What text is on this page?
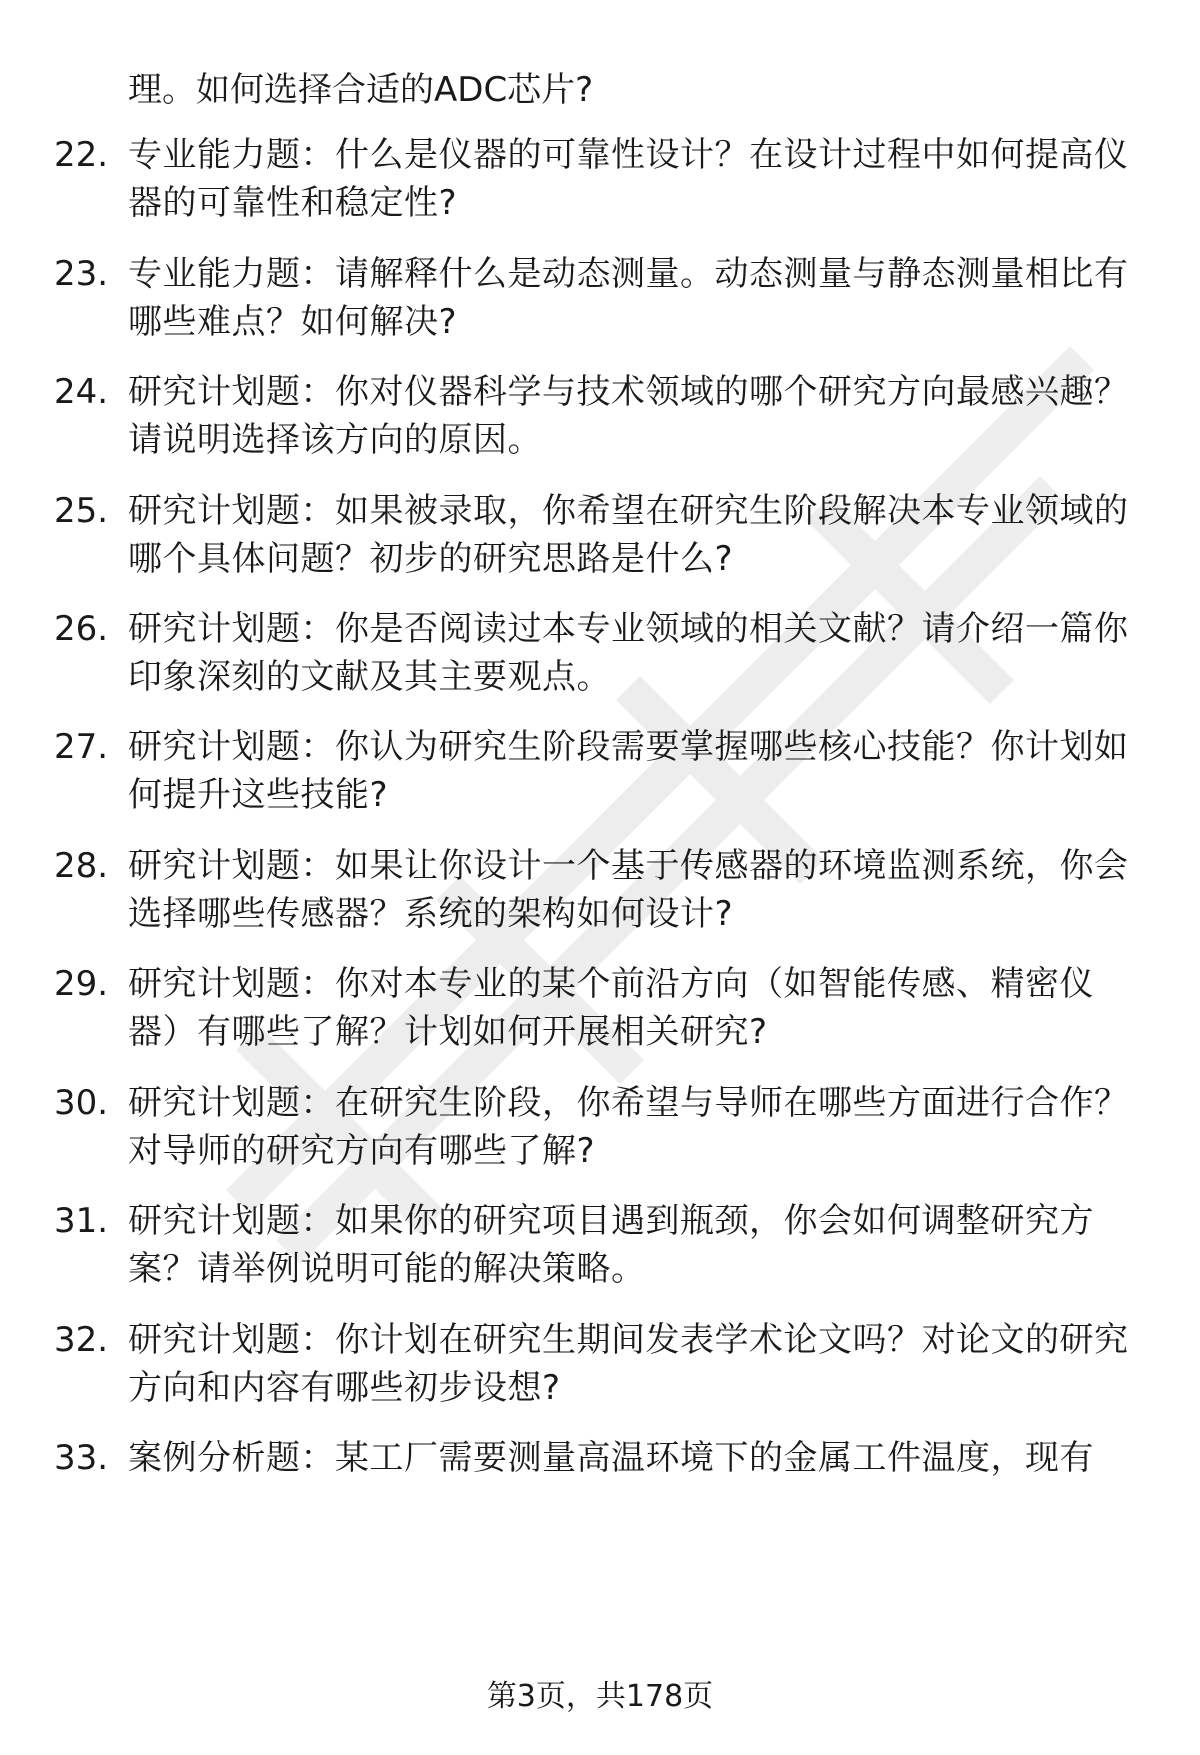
理。如何选择合适的ADC芯片?
22. 专业能力题：什么是仪器的可靠性设计？在设计过程中如何提高仪器的可靠性和稳定性?
23. 专业能力题：请解释什么是动态测量。动态测量与静态测量相比有哪些难点？如何解决?
24. 研究计划题：你对仪器科学与技术领域的哪个研究方向最感兴趣？请说明选择该方向的原因。
25. 研究计划题：如果被录取，你希望在研究生阶段解决本专业领域的哪个具体问题？初步的研究思路是什么?
26. 研究计划题：你是否阅读过本专业领域的相关文献？请介绍一篇你印象深刻的文献及其主要观点。
27. 研究计划题：你认为研究生阶段需要掌握哪些核心技能？你计划如何提升这些技能?
28. 研究计划题：如果让你设计一个基于传感器的环境监测系统，你会选择哪些传感器？系统的架构如何设计?
29. 研究计划题：你对本专业的某个前沿方向（如智能传感、精密仪器）有哪些了解？计划如何开展相关研究?
30. 研究计划题：在研究生阶段，你希望与导师在哪些方面进行合作？对导师的研究方向有哪些了解?
31. 研究计划题：如果你的研究项目遇到瓶颈，你会如何调整研究方案？请举例说明可能的解决策略。
32. 研究计划题：你计划在研究生期间发表学术论文吗？对论文的研究方向和内容有哪些初步设想?
33. 案例分析题：某工厂需要测量高温环境下的金属工件温度，现有
第3页，共178页
